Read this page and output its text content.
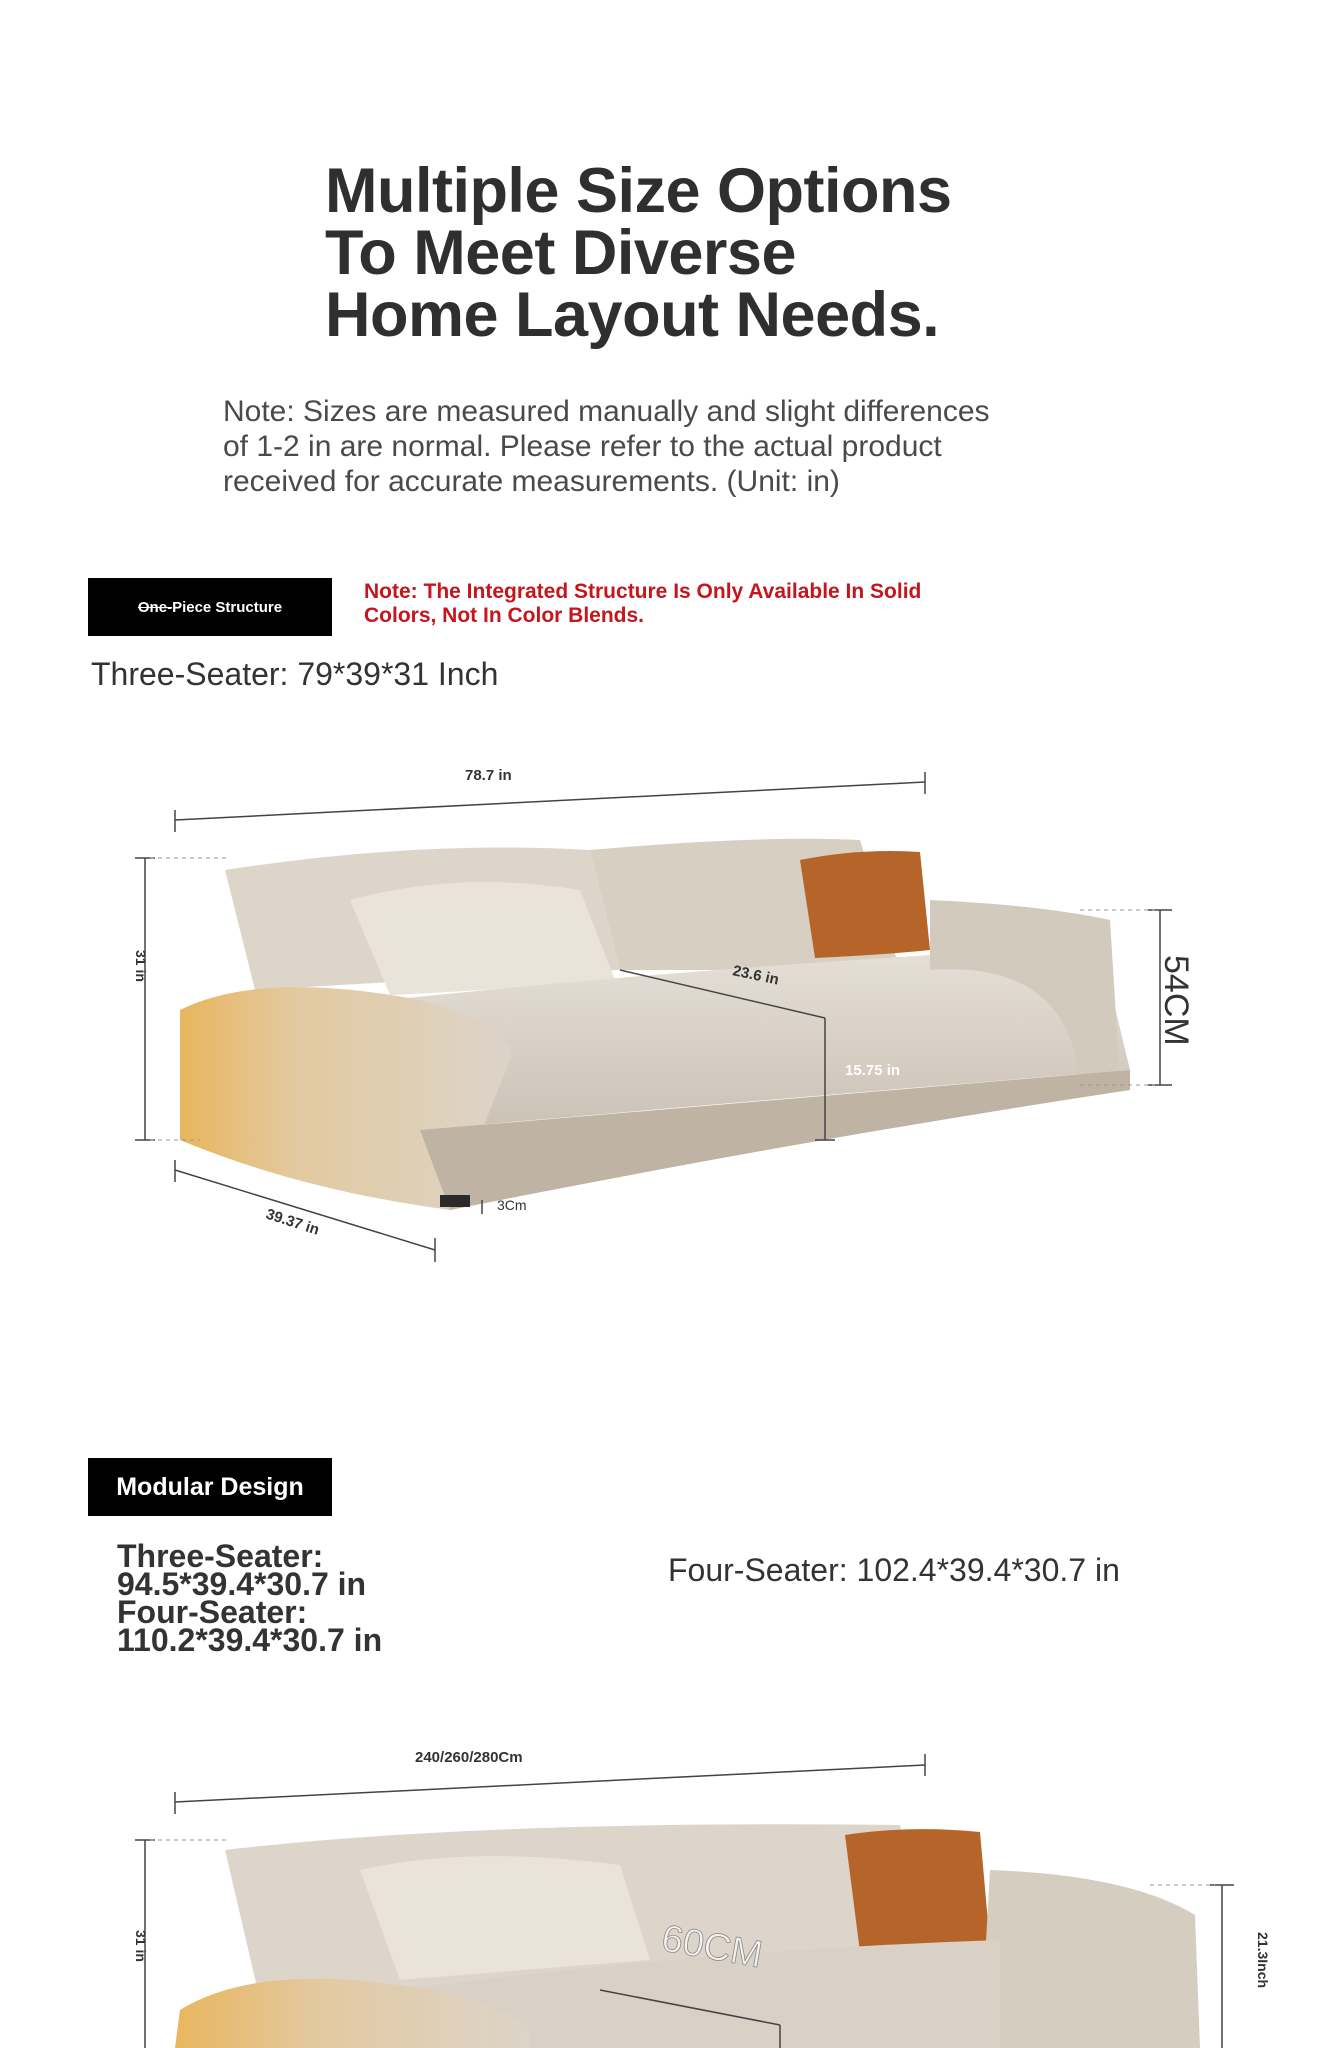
Multiple Size Options
To Meet Diverse
Home Layout Needs.

Note: Sizes are measured manually and slight differences
of 1-2 in are normal. Please refer to the actual product
received for accurate measurements. (Unit: in)

One- Piece Structure

Note: The Integrated Structure Is Only Available In Solid
Colors, Not In Color Blends.

Three-Seater: 79*39*31 Inch
78.7 in
31 in
39.37 in
23.6 in
15.75 in
54CM
3Cm
Modular Design
Three-Seater:
94.5*39.4*30.7 in
Four-Seater:
110.2*39.4*30.7 in
Four-Seater: 102.4*39.4*30.7 in
240/260/280Cm
31 in	60CM	21.3Inch
